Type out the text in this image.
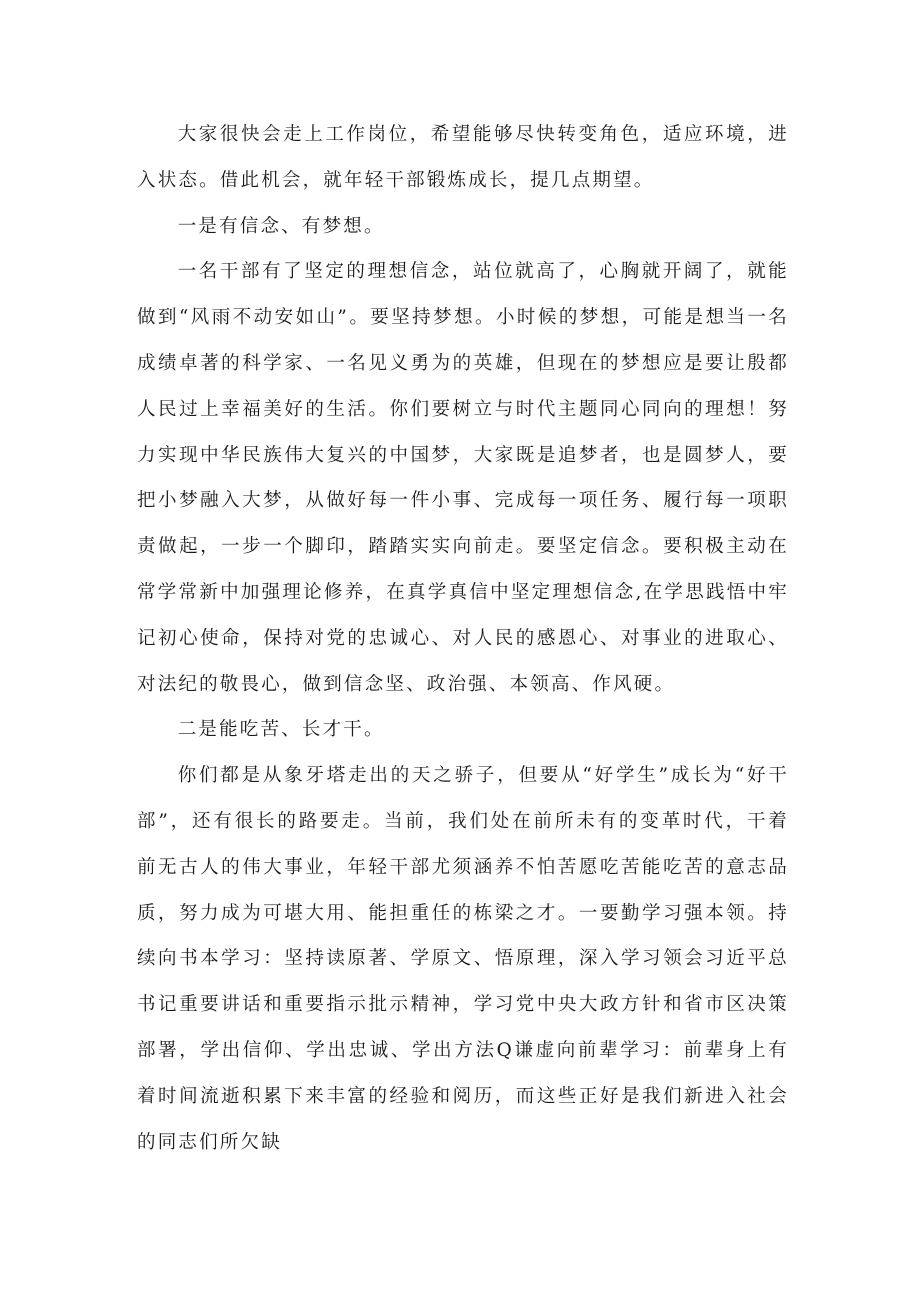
大家很快会走上工作岗位，希望能够尽快转变角色，适应环境，进入状态。借此机会，就年轻干部锻炼成长，提几点期望。

一是有信念、有梦想。

一名干部有了坚定的理想信念，站位就高了，心胸就开阔了，就能做到“风雨不动安如山”。要坚持梦想。小时候的梦想，可能是想当一名成绩卓著的科学家、一名见义勇为的英雄，但现在的梦想应是要让殷都人民过上幸福美好的生活。你们要树立与时代主题同心同向的理想！努力实现中华民族伟大复兴的中国梦，大家既是追梦者，也是圆梦人，要把小梦融入大梦，从做好每一件小事、完成每一项任务、履行每一项职责做起，一步一个脚印，踏踏实实向前走。要坚定信念。要积极主动在常学常新中加强理论修养，在真学真信中坚定理想信念,在学思践悟中牢记初心使命，保持对党的忠诚心、对人民的感恩心、对事业的进取心、对法纪的敬畏心，做到信念坚、政治强、本领高、作风硬。

二是能吃苦、长才干。

你们都是从象牙塔走出的天之骄子，但要从“好学生”成长为“好干部”，还有很长的路要走。当前，我们处在前所未有的变革时代，干着前无古人的伟大事业，年轻干部尤须涵养不怕苦愿吃苦能吃苦的意志品质，努力成为可堪大用、能担重任的栋梁之才。一要勤学习强本领。持续向书本学习：坚持读原著、学原文、悟原理，深入学习领会习近平总书记重要讲话和重要指示批示精神，学习党中央大政方针和省市区决策部署，学出信仰、学出忠诚、学出方法Q谦虚向前辈学习：前辈身上有着时间流逝积累下来丰富的经验和阅历，而这些正好是我们新进入社会的同志们所欠缺
